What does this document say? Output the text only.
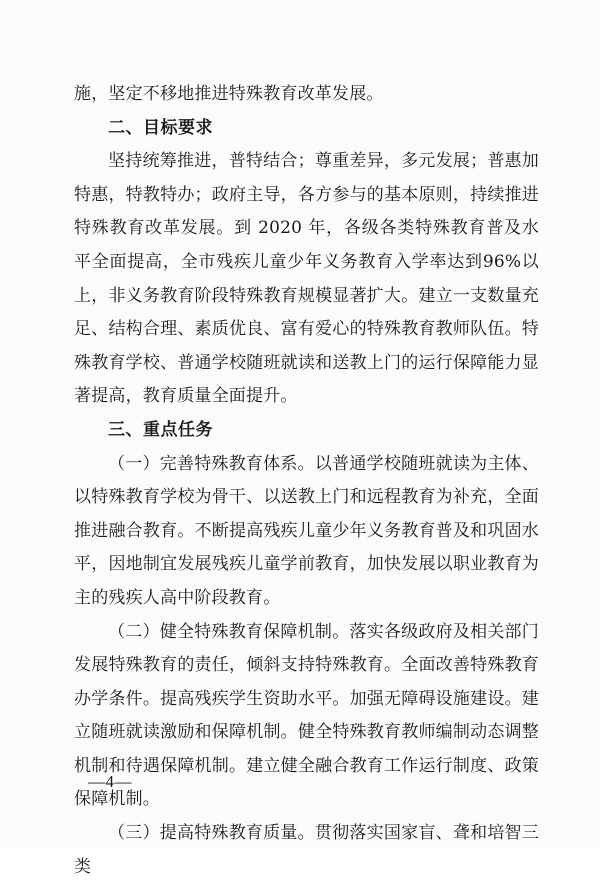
施，坚定不移地推进特殊教育改革发展。

二、目标要求

坚持统筹推进，普特结合；尊重差异，多元发展；普惠加特惠，特教特办；政府主导，各方参与的基本原则，持续推进特殊教育改革发展。到 2020 年，各级各类特殊教育普及水平全面提高，全市残疾儿童少年义务教育入学率达到96%以上，非义务教育阶段特殊教育规模显著扩大。建立一支数量充足、结构合理、素质优良、富有爱心的特殊教育教师队伍。特殊教育学校、普通学校随班就读和送教上门的运行保障能力显著提高，教育质量全面提升。

三、重点任务

（一）完善特殊教育体系。以普通学校随班就读为主体、以特殊教育学校为骨干、以送教上门和远程教育为补充，全面推进融合教育。不断提高残疾儿童少年义务教育普及和巩固水平，因地制宜发展残疾儿童学前教育，加快发展以职业教育为主的残疾人高中阶段教育。

（二）健全特殊教育保障机制。落实各级政府及相关部门发展特殊教育的责任，倾斜支持特殊教育。全面改善特殊教育办学条件。提高残疾学生资助水平。加强无障碍设施建设。建立随班就读激励和保障机制。健全特殊教育教师编制动态调整机制和待遇保障机制。建立健全融合教育工作运行制度、政策保障机制。

（三）提高特殊教育质量。贯彻落实国家盲、聋和培智三类

—4—
